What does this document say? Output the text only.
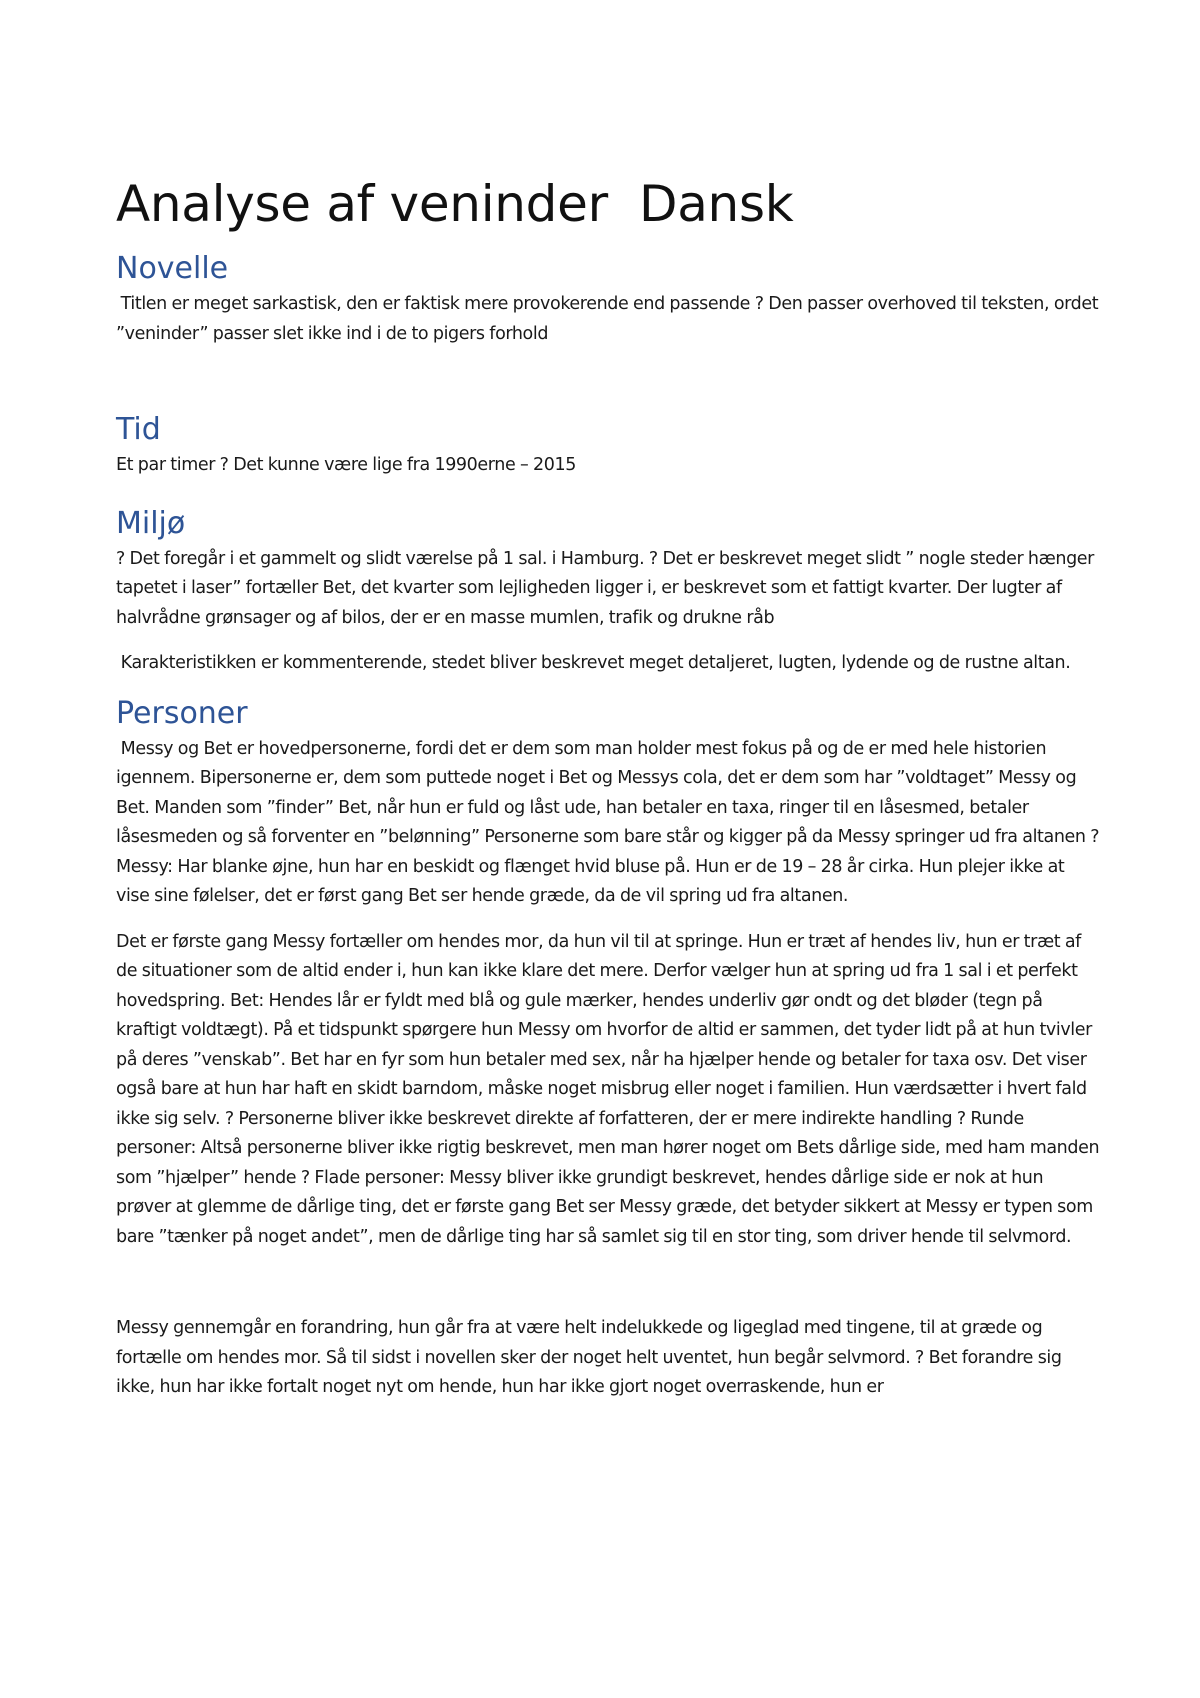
Analyse af veninder  Dansk
Novelle

Titlen er meget sarkastisk, den er faktisk mere provokerende end passende ? Den passer overhoved til teksten, ordet ”veninder” passer slet ikke ind i de to pigers forhold

Tid

Et par timer ? Det kunne være lige fra 1990erne – 2015

Miljø

? Det foregår i et gammelt og slidt værelse på 1 sal. i Hamburg. ? Det er beskrevet meget slidt ” nogle steder hænger tapetet i laser” fortæller Bet, det kvarter som lejligheden ligger i, er beskrevet som et fattigt kvarter. Der lugter af halvrådne grønsager og af bilos, der er en masse mumlen, trafik og drukne råb

Karakteristikken er kommenterende, stedet bliver beskrevet meget detaljeret, lugten, lydende og de rustne altan.

Personer

Messy og Bet er hovedpersonerne, fordi det er dem som man holder mest fokus på og de er med hele historien igennem. Bipersonerne er, dem som puttede noget i Bet og Messys cola, det er dem som har ”voldtaget” Messy og Bet. Manden som ”finder” Bet, når hun er fuld og låst ude, han betaler en taxa, ringer til en låsesmed, betaler låsesmeden og så forventer en ”belønning” Personerne som bare står og kigger på da Messy springer ud fra altanen ? Messy: Har blanke øjne, hun har en beskidt og flænget hvid bluse på. Hun er de 19 – 28 år cirka. Hun plejer ikke at vise sine følelser, det er først gang Bet ser hende græde, da de vil spring ud fra altanen.

Det er første gang Messy fortæller om hendes mor, da hun vil til at springe. Hun er træt af hendes liv, hun er træt af de situationer som de altid ender i, hun kan ikke klare det mere. Derfor vælger hun at spring ud fra 1 sal i et perfekt hovedspring. Bet: Hendes lår er fyldt med blå og gule mærker, hendes underliv gør ondt og det bløder (tegn på kraftigt voldtægt). På et tidspunkt spørgere hun Messy om hvorfor de altid er sammen, det tyder lidt på at hun tvivler på deres ”venskab”. Bet har en fyr som hun betaler med sex, når ha hjælper hende og betaler for taxa osv. Det viser også bare at hun har haft en skidt barndom, måske noget misbrug eller noget i familien. Hun værdsætter i hvert fald ikke sig selv. ? Personerne bliver ikke beskrevet direkte af forfatteren, der er mere indirekte handling ? Runde personer: Altså personerne bliver ikke rigtig beskrevet, men man hører noget om Bets dårlige side, med ham manden som ”hjælper” hende ? Flade personer: Messy bliver ikke grundigt beskrevet, hendes dårlige side er nok at hun prøver at glemme de dårlige ting, det er første gang Bet ser Messy græde, det betyder sikkert at Messy er typen som bare ”tænker på noget andet”, men de dårlige ting har så samlet sig til en stor ting, som driver hende til selvmord.

Messy gennemgår en forandring, hun går fra at være helt indelukkede og ligeglad med tingene, til at græde og fortælle om hendes mor. Så til sidst i novellen sker der noget helt uventet, hun begår selvmord. ? Bet forandre sig ikke, hun har ikke fortalt noget nyt om hende, hun har ikke gjort noget overraskende, hun er
